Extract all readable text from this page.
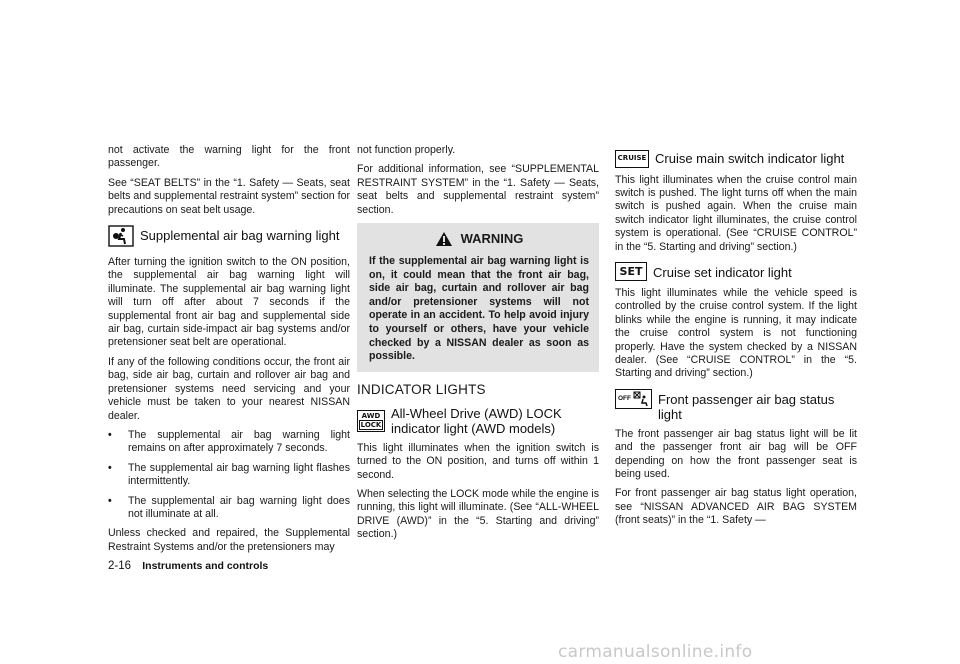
not activate the warning light for the front passenger.

See “SEAT BELTS” in the “1. Safety — Seats, seat belts and supplemental restraint system” section for precautions on seat belt usage.

Supplemental air bag warning light

After turning the ignition switch to the ON position, the supplemental air bag warning light will illuminate. The supplemental air bag warning light will turn off after about 7 seconds if the supplemental front air bag and supplemental side air bag, curtain side-impact air bag systems and/or pretensioner seat belt are operational.

If any of the following conditions occur, the front air bag, side air bag, curtain and rollover air bag and pretensioner systems need servicing and your vehicle must be taken to your nearest NISSAN dealer.

•	The supplemental air bag warning light remains on after approximately 7 seconds.
•	The supplemental air bag warning light flashes intermittently.
•	The supplemental air bag warning light does not illuminate at all.

Unless checked and repaired, the Supplemental Restraint Systems and/or the pretensioners may

not function properly.

For additional information, see “SUPPLEMENTAL RESTRAINT SYSTEM” in the “1. Safety — Seats, seat belts and supplemental restraint system” section.

WARNING
If the supplemental air bag warning light is on, it could mean that the front air bag, side air bag, curtain and rollover air bag and/or pretensioner systems will not operate in an accident. To help avoid injury to yourself or others, have your vehicle checked by a NISSAN dealer as soon as possible.
INDICATOR LIGHTS
AWD
LOCK
All-Wheel Drive (AWD) LOCK indicator light (AWD models)

This light illuminates when the ignition switch is turned to the ON position, and turns off within 1 second.

When selecting the LOCK mode while the engine is running, this light will illuminate. (See “ALL-WHEEL DRIVE (AWD)” in the “5. Starting and driving” section.)

CRUISE Cruise main switch indicator light

This light illuminates when the cruise control main switch is pushed. The light turns off when the main switch is pushed again. When the cruise main switch indicator light illuminates, the cruise control system is operational. (See “CRUISE CONTROL” in the “5. Starting and driving” section.)

SET Cruise set indicator light

This light illuminates while the vehicle speed is controlled by the cruise control system. If the light blinks while the engine is running, it may indicate the cruise control system is not functioning properly. Have the system checked by a NISSAN dealer. (See “CRUISE CONTROL” in the “5. Starting and driving” section.)

OFF Front passenger air bag status light

The front passenger air bag status light will be lit and the passenger front air bag will be OFF depending on how the front passenger seat is being used.

For front passenger air bag status light operation, see “NISSAN ADVANCED AIR BAG SYSTEM (front seats)” in the “1. Safety —

2-16 Instruments and controls
carmanualsonline.info
